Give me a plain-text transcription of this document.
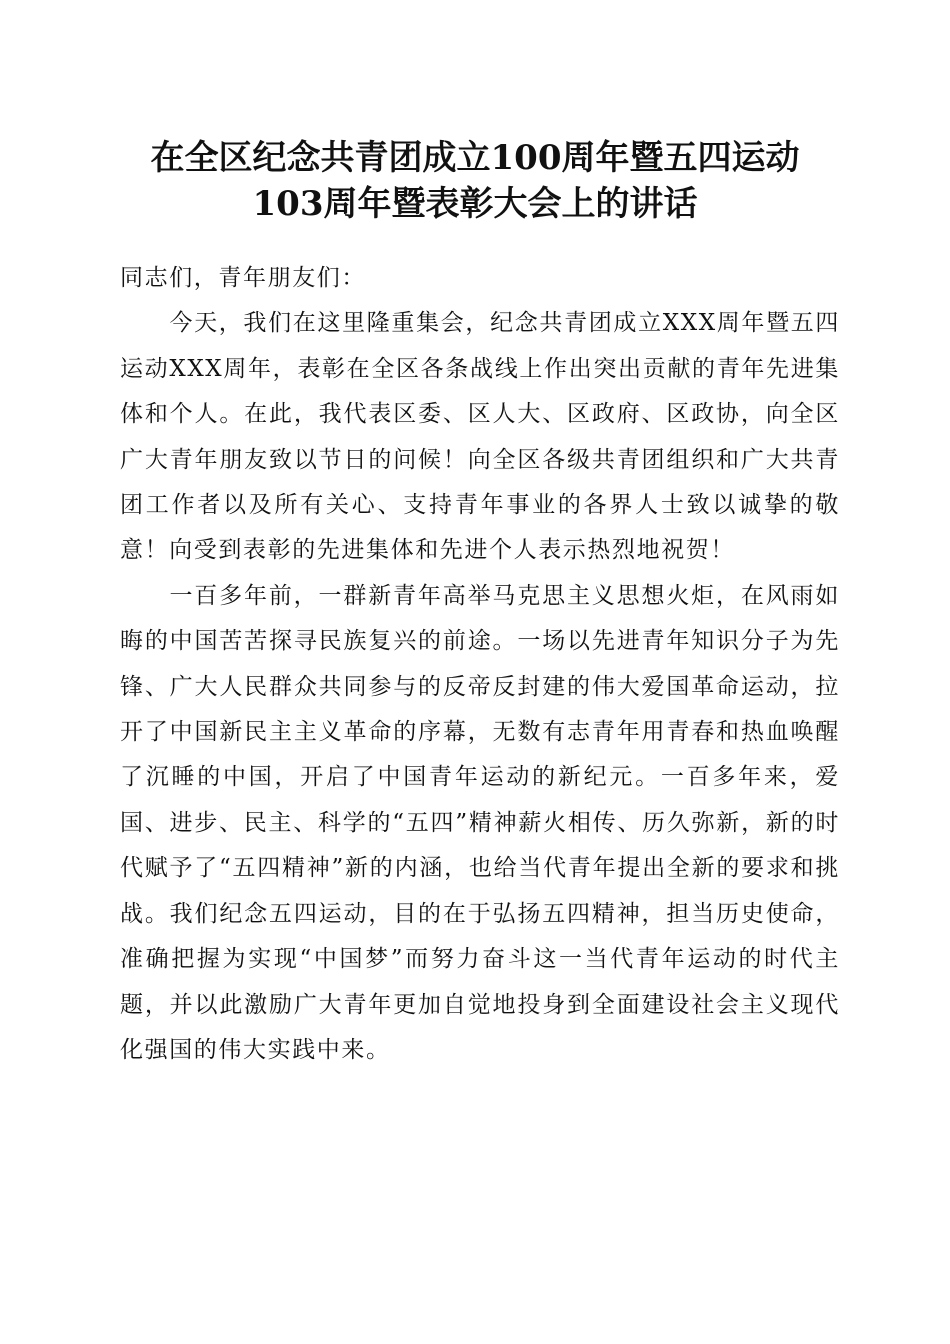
在全区纪念共青团成立100周年暨五四运动
103周年暨表彰大会上的讲话

同志们，青年朋友们：

今天，我们在这里隆重集会，纪念共青团成立XXX周年暨五四运动XXX周年，表彰在全区各条战线上作出突出贡献的青年先进集体和个人。在此，我代表区委、区人大、区政府、区政协，向全区广大青年朋友致以节日的问候！向全区各级共青团组织和广大共青团工作者以及所有关心、支持青年事业的各界人士致以诚挚的敬意！向受到表彰的先进集体和先进个人表示热烈地祝贺！

一百多年前，一群新青年高举马克思主义思想火炬，在风雨如晦的中国苦苦探寻民族复兴的前途。一场以先进青年知识分子为先锋、广大人民群众共同参与的反帝反封建的伟大爱国革命运动，拉开了中国新民主主义革命的序幕，无数有志青年用青春和热血唤醒了沉睡的中国，开启了中国青年运动的新纪元。一百多年来，爱国、进步、民主、科学的“五四”精神薪火相传、历久弥新，新的时代赋予了“五四精神”新的内涵，也给当代青年提出全新的要求和挑战。我们纪念五四运动，目的在于弘扬五四精神，担当历史使命，准确把握为实现“中国梦”而努力奋斗这一当代青年运动的时代主题，并以此激励广大青年更加自觉地投身到全面建设社会主义现代化强国的伟大实践中来。
